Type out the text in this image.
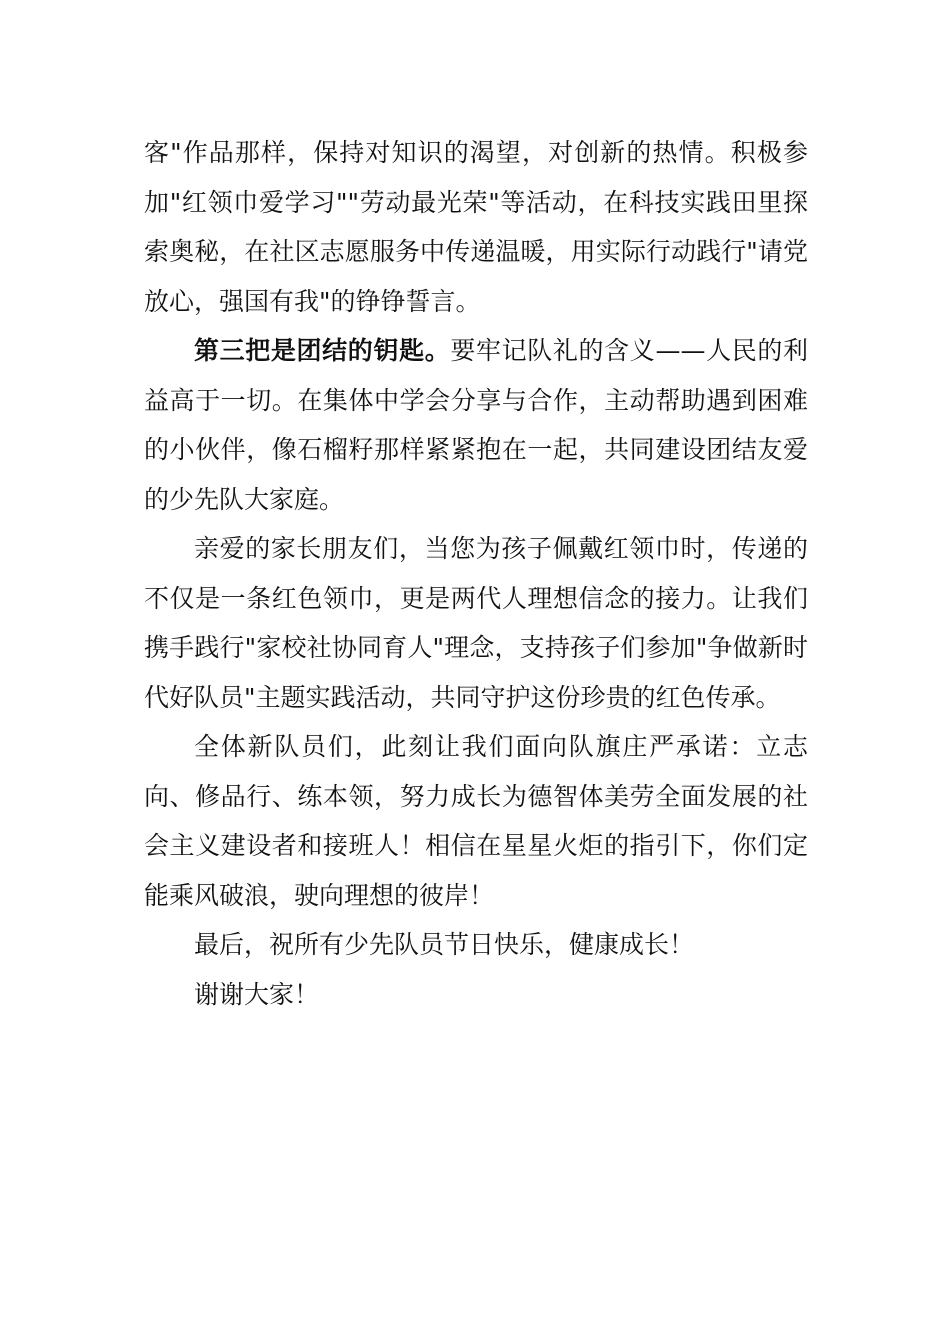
客"作品那样，保持对知识的渴望，对创新的热情。积极参加"红领巾爱学习""劳动最光荣"等活动，在科技实践田里探索奥秘，在社区志愿服务中传递温暖，用实际行动践行"请党放心，强国有我"的铮铮誓言。

第三把是团结的钥匙。要牢记队礼的含义——人民的利益高于一切。在集体中学会分享与合作，主动帮助遇到困难的小伙伴，像石榴籽那样紧紧抱在一起，共同建设团结友爱的少先队大家庭。

亲爱的家长朋友们，当您为孩子佩戴红领巾时，传递的不仅是一条红色领巾，更是两代人理想信念的接力。让我们携手践行"家校社协同育人"理念，支持孩子们参加"争做新时代好队员"主题实践活动，共同守护这份珍贵的红色传承。

全体新队员们，此刻让我们面向队旗庄严承诺：立志向、修品行、练本领，努力成长为德智体美劳全面发展的社会主义建设者和接班人！相信在星星火炬的指引下，你们定能乘风破浪，驶向理想的彼岸！

最后，祝所有少先队员节日快乐，健康成长！

谢谢大家！
